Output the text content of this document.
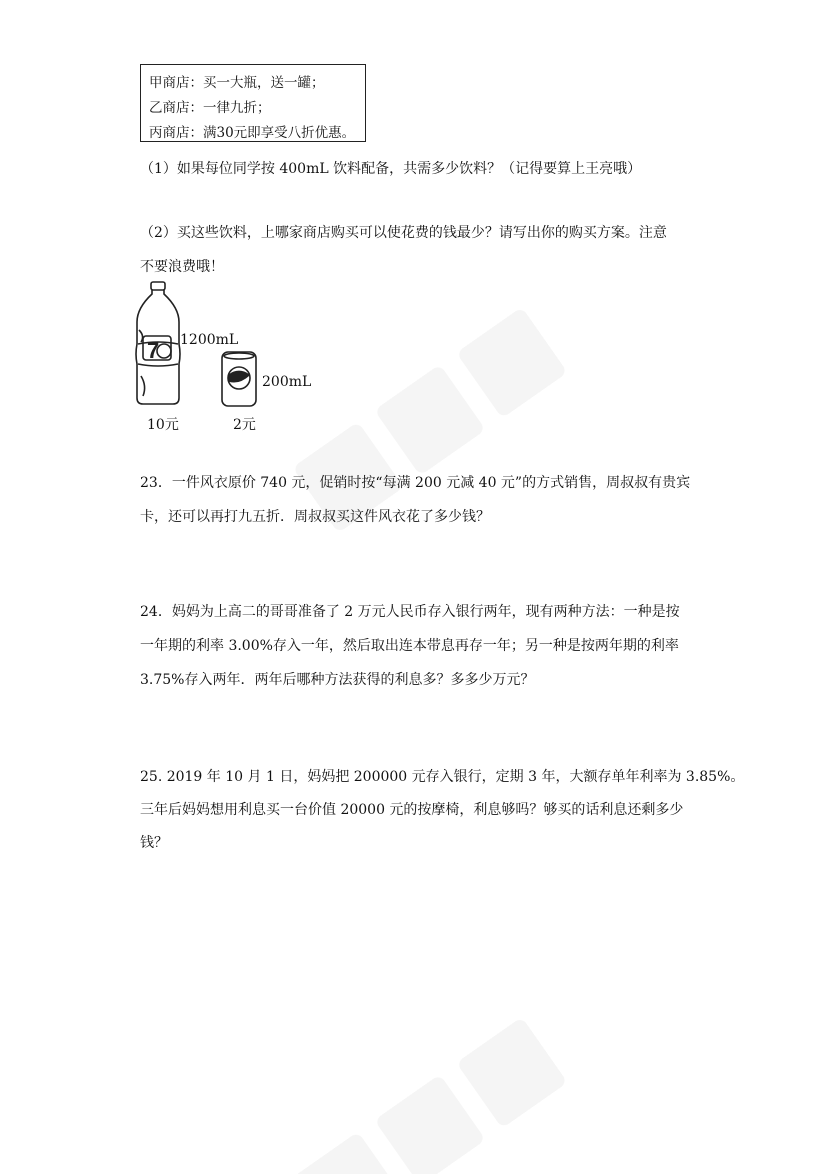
甲商店：买一大瓶，送一罐；
乙商店：一律九折；
丙商店：满30元即享受八折优惠。
（1）如果每位同学按 400mL 饮料配备，共需多少饮料？（记得要算上王亮哦）
（2）买这些饮料，上哪家商店购买可以使花费的钱最少？请写出你的购买方案。注意
不要浪费哦！
7 1200mL
10元
200mL
2元
23．一件风衣原价 740 元，促销时按“每满 200 元减 40 元”的方式销售，周叔叔有贵宾
卡，还可以再打九五折．周叔叔买这件风衣花了多少钱？
24．妈妈为上高二的哥哥准备了 2 万元人民币存入银行两年，现有两种方法：一种是按
一年期的利率 3.00%存入一年，然后取出连本带息再存一年；另一种是按两年期的利率
3.75%存入两年．两年后哪种方法获得的利息多？多多少万元？
25. 2019 年 10 月 1 日，妈妈把 200000 元存入银行，定期 3 年，大额存单年利率为 3.85%。
三年后妈妈想用利息买一台价值 20000 元的按摩椅，利息够吗？够买的话利息还剩多少
钱？
